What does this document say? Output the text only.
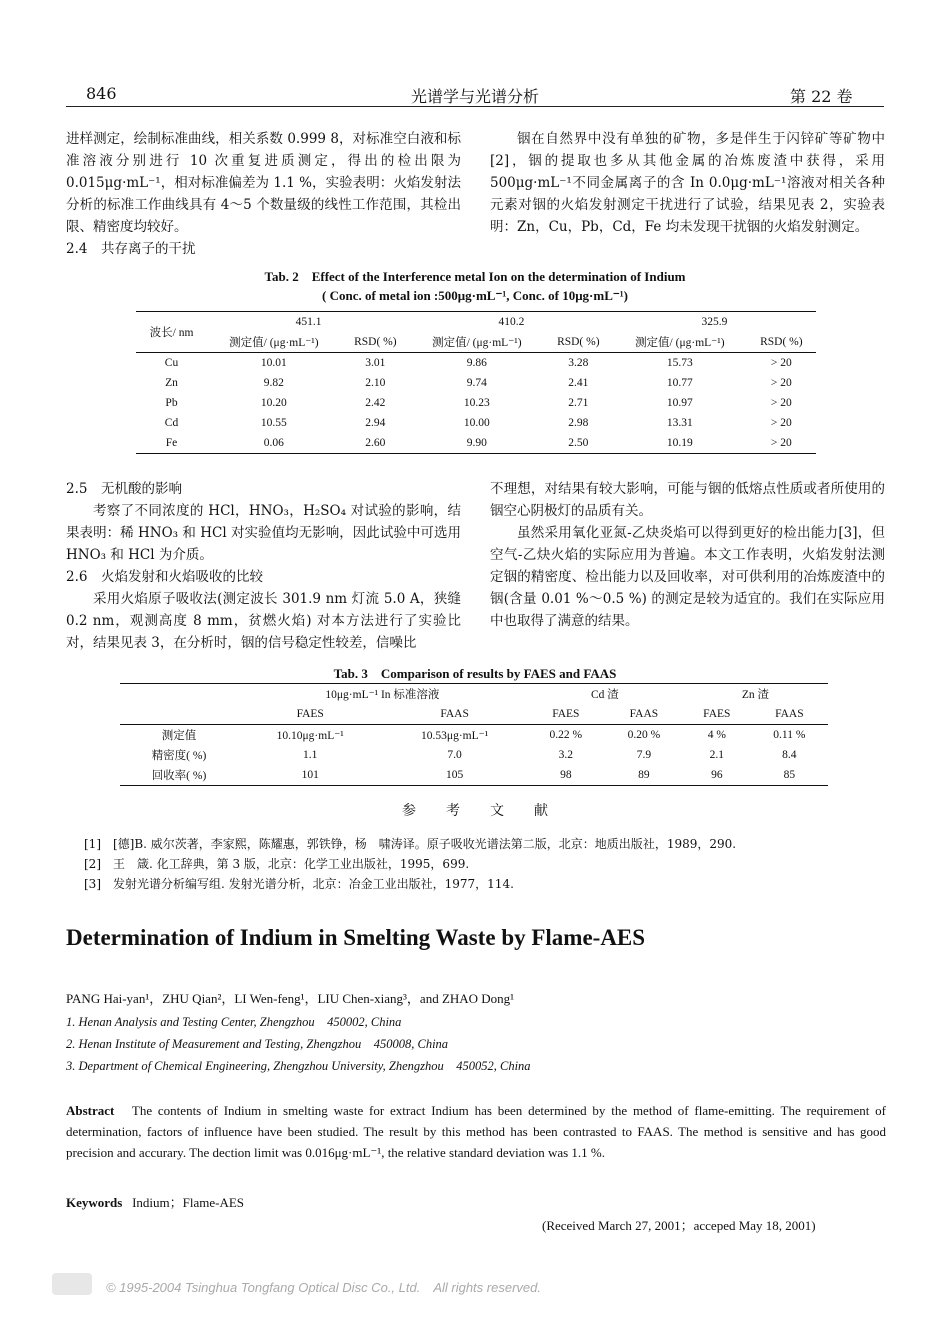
846	光谱学与光谱分析	第 22 卷

进样测定，绘制标准曲线，相关系数 0.999 8，对标准空白液和标准溶液分别进行 10 次重复进质测定，得出的检出限为 0.015μg·mL⁻¹，相对标准偏差为 1.1 %，实验表明：火焰发射法分析的标准工作曲线具有 4～5 个数量级的线性工作范围，其检出限、精密度均较好。

2.4　共存离子的干扰

铟在自然界中没有单独的矿物，多是伴生于闪锌矿等矿物中[2]，铟的提取也多从其他金属的冶炼废渣中获得，采用 500μg·mL⁻¹不同金属离子的含 In 0.0μg·mL⁻¹溶液对相关各种元素对铟的火焰发射测定干扰进行了试验，结果见表 2，实验表明：Zn，Cu，Pb，Cd，Fe 均未发现干扰铟的火焰发射测定。

Tab. 2　Effect of the Interference metal Ion on the determination of Indium
( Conc. of metal ion :500μg·mL⁻¹, Conc. of 10μg·mL⁻¹)
波长/ nm	451.1		410.2		325.9	
	测定值/ (μg·mL⁻¹)	RSD( %)	测定值/ (μg·mL⁻¹)	RSD( %)	测定值/ (μg·mL⁻¹)	RSD( %)
Cu	10.01	3.01	9.86	3.28	15.73	> 20
Zn	9.82	2.10	9.74	2.41	10.77	> 20
Pb	10.20	2.42	10.23	2.71	10.97	> 20
Cd	10.55	2.94	10.00	2.98	13.31	> 20
Fe	0.06	2.60	9.90	2.50	10.19	> 20
2.5　无机酸的影响

考察了不同浓度的 HCl，HNO₃，H₂SO₄ 对试验的影响，结果表明：稀 HNO₃ 和 HCl 对实验值均无影响，因此试验中可选用 HNO₃ 和 HCl 为介质。

2.6　火焰发射和火焰吸收的比较

采用火焰原子吸收法(测定波长 301.9 nm 灯流 5.0 A，狭缝 0.2 nm，观测高度 8 mm，贫燃火焰) 对本方法进行了实验比对，结果见表 3，在分析时，铟的信号稳定性较差，信噪比

不理想，对结果有较大影响，可能与铟的低熔点性质或者所使用的铟空心阴极灯的品质有关。

虽然采用氧化亚氮-乙炔炎焰可以得到更好的检出能力[3]，但空气-乙炔火焰的实际应用为普遍。本文工作表明，火焰发射法测定铟的精密度、检出能力以及回收率，对可供利用的冶炼废渣中的铟(含量 0.01 %～0.5 %) 的测定是较为适宜的。我们在实际应用中也取得了满意的结果。

Tab. 3　Comparison of results by FAES and FAAS
	10μg·mL⁻¹ In 标准溶液		Cd 渣		Zn 渣	
	FAES	FAAS	FAES	FAAS	FAES	FAAS
测定值	10.10μg·mL⁻¹	10.53μg·mL⁻¹	0.22 %	0.20 %	4 %	0.11 %
精密度( %)	1.1	7.0	3.2	7.9	2.1	8.4
回收率( %)	101	105	98	89	96	85
参考文献
[1]　[德]B. 威尔茨著，李家熙，陈耀惠，郭铁铮，杨　啸涛译。原子吸收光谱法第二版，北京：地质出版社，1989，290.
[2]　王　箴. 化工辞典，第 3 版，北京：化学工业出版社，1995，699.
[3]　发射光谱分析编写组. 发射光谱分析，北京：冶金工业出版社，1977，114.
Determination of Indium in Smelting Waste by Flame-AES
PANG Hai-yan¹，ZHU Qian²，LI Wen-feng¹，LIU Chen-xiang³，and ZHAO Dong¹
1. Henan Analysis and Testing Center, Zhengzhou　450002, China
2. Henan Institute of Measurement and Testing, Zhengzhou　450008, China
3. Department of Chemical Engineering, Zhengzhou University, Zhengzhou　450052, China
Abstract The contents of Indium in smelting waste for extract Indium has been determined by the method of flame-emitting. The requirement of determination, factors of influence have been studied. The result by this method has been contrasted to FAAS. The method is sensitive and has good precision and accurary. The dection limit was 0.016μg·mL⁻¹, the relative standard deviation was 1.1 %.
Keywords Indium；Flame-AES
(Received March 27, 2001；acceped May 18, 2001)
© 1995-2004 Tsinghua Tongfang Optical Disc Co., Ltd.　All rights reserved.
